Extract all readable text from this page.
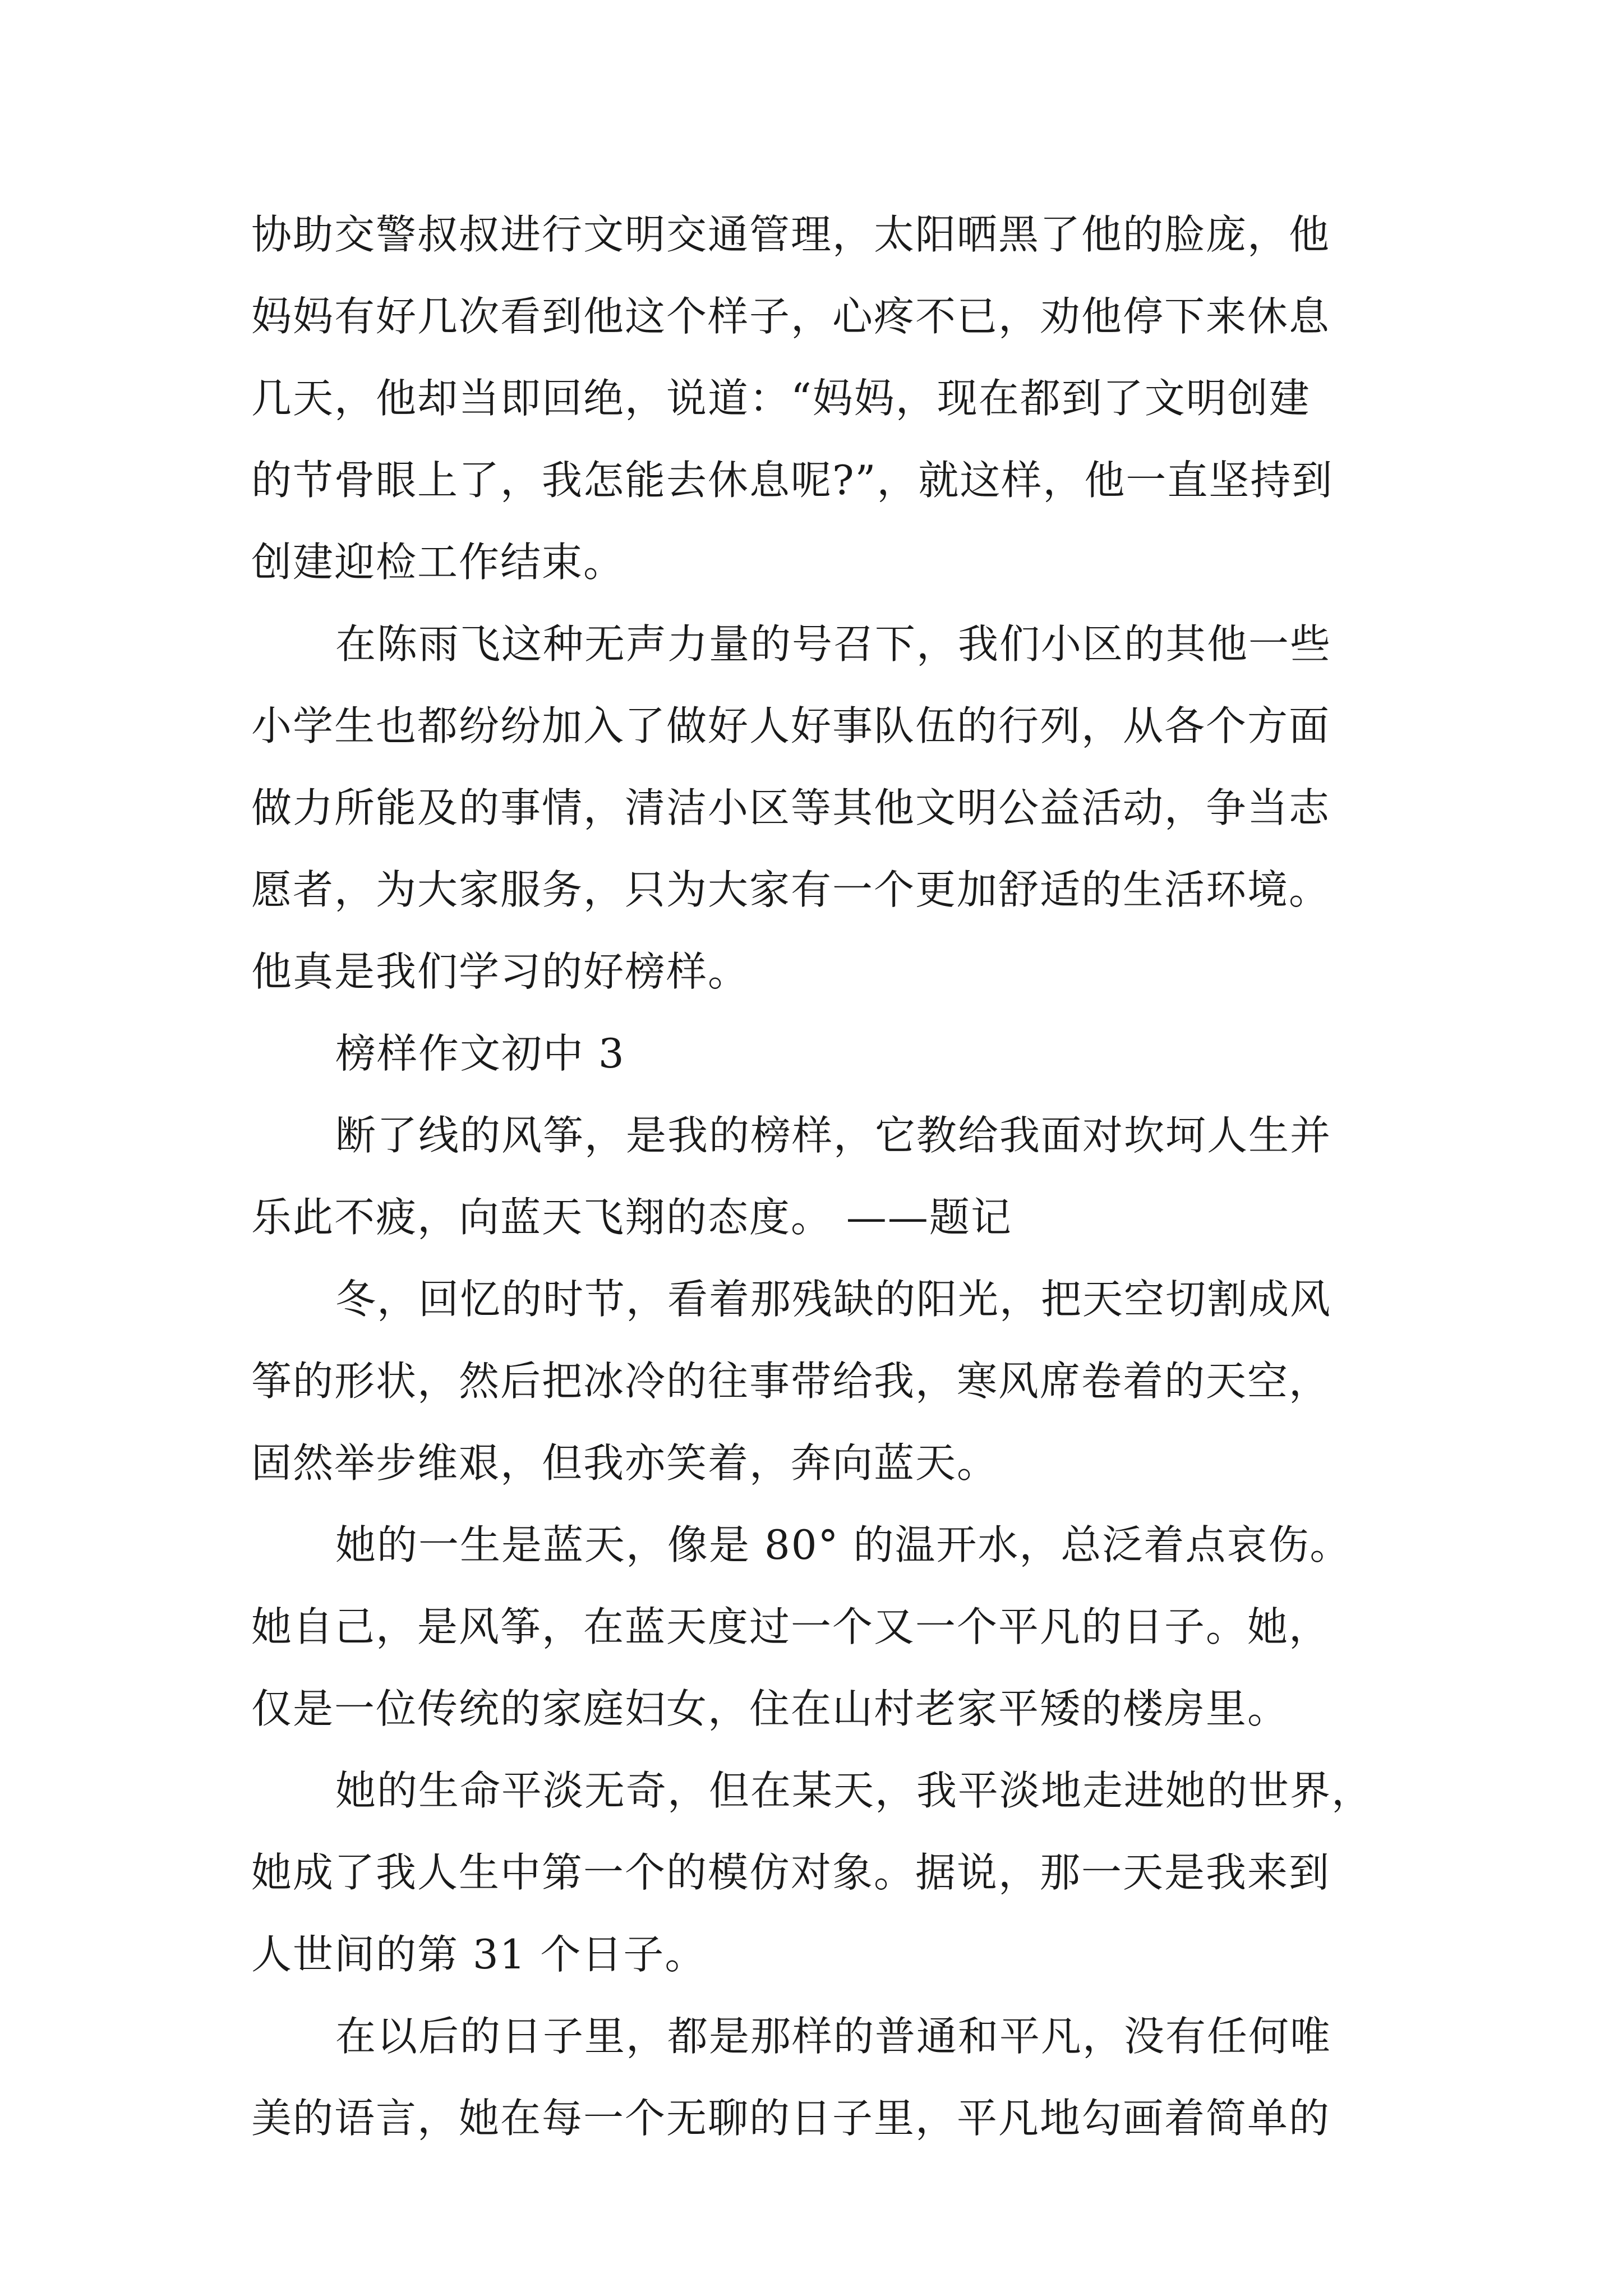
协助交警叔叔进行文明交通管理，太阳晒黑了他的脸庞，他
妈妈有好几次看到他这个样子，心疼不已，劝他停下来休息
几天，他却当即回绝，说道：“妈妈，现在都到了文明创建
的节骨眼上了，我怎能去休息呢?”，就这样，他一直坚持到
创建迎检工作结束。
在陈雨飞这种无声力量的号召下，我们小区的其他一些
小学生也都纷纷加入了做好人好事队伍的行列，从各个方面
做力所能及的事情，清洁小区等其他文明公益活动，争当志
愿者，为大家服务，只为大家有一个更加舒适的生活环境。
他真是我们学习的好榜样。
榜样作文初中 3
断了线的风筝，是我的榜样，它教给我面对坎坷人生并
乐此不疲，向蓝天飞翔的态度。 ——题记
冬，回忆的时节，看着那残缺的阳光，把天空切割成风
筝的形状，然后把冰冷的往事带给我，寒风席卷着的天空，
固然举步维艰，但我亦笑着，奔向蓝天。
她的一生是蓝天，像是 80° 的温开水，总泛着点哀伤。
她自己，是风筝，在蓝天度过一个又一个平凡的日子。她，
仅是一位传统的家庭妇女，住在山村老家平矮的楼房里。
她的生命平淡无奇，但在某天，我平淡地走进她的世界，
她成了我人生中第一个的模仿对象。据说，那一天是我来到
人世间的第 31 个日子。
在以后的日子里，都是那样的普通和平凡，没有任何唯
美的语言，她在每一个无聊的日子里，平凡地勾画着简单的
